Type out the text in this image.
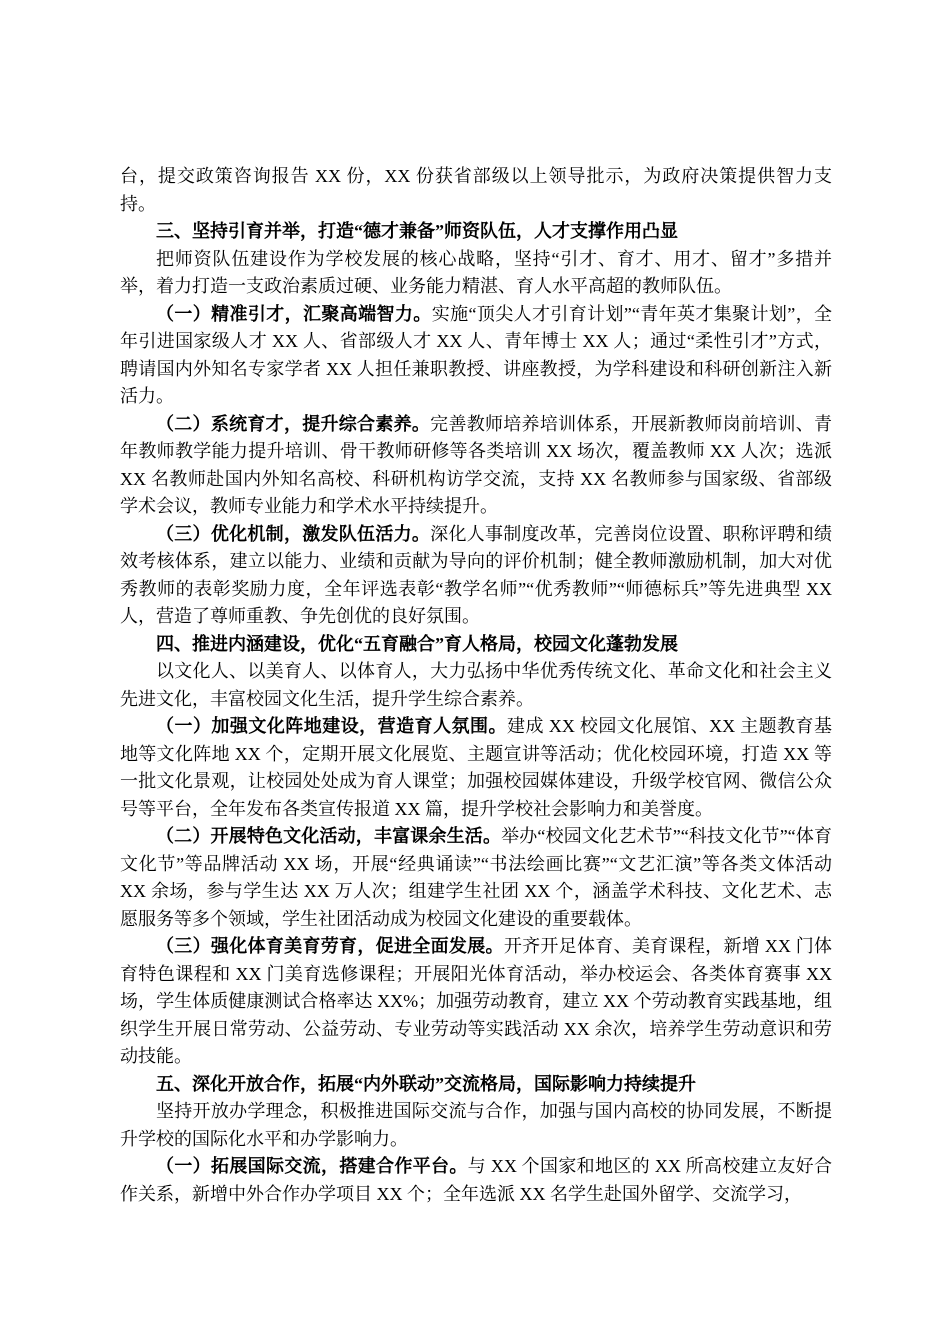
台，提交政策咨询报告 XX 份，XX 份获省部级以上领导批示，为政府决策提供智力支持。

三、坚持引育并举，打造“德才兼备”师资队伍，人才支撑作用凸显

把师资队伍建设作为学校发展的核心战略，坚持“引才、育才、用才、留才”多措并举，着力打造一支政治素质过硬、业务能力精湛、育人水平高超的教师队伍。

（一）精准引才，汇聚高端智力。实施“顶尖人才引育计划”“青年英才集聚计划”，全年引进国家级人才 XX 人、省部级人才 XX 人、青年博士 XX 人；通过“柔性引才”方式，聘请国内外知名专家学者 XX 人担任兼职教授、讲座教授，为学科建设和科研创新注入新活力。

（二）系统育才，提升综合素养。完善教师培养培训体系，开展新教师岗前培训、青年教师教学能力提升培训、骨干教师研修等各类培训 XX 场次，覆盖教师 XX 人次；选派 XX 名教师赴国内外知名高校、科研机构访学交流，支持 XX 名教师参与国家级、省部级学术会议，教师专业能力和学术水平持续提升。

（三）优化机制，激发队伍活力。深化人事制度改革，完善岗位设置、职称评聘和绩效考核体系，建立以能力、业绩和贡献为导向的评价机制；健全教师激励机制，加大对优秀教师的表彰奖励力度，全年评选表彰“教学名师”“优秀教师”“师德标兵”等先进典型 XX 人，营造了尊师重教、争先创优的良好氛围。

四、推进内涵建设，优化“五育融合”育人格局，校园文化蓬勃发展

以文化人、以美育人、以体育人，大力弘扬中华优秀传统文化、革命文化和社会主义先进文化，丰富校园文化生活，提升学生综合素养。

（一）加强文化阵地建设，营造育人氛围。建成 XX 校园文化展馆、XX 主题教育基地等文化阵地 XX 个，定期开展文化展览、主题宣讲等活动；优化校园环境，打造 XX 等一批文化景观，让校园处处成为育人课堂；加强校园媒体建设，升级学校官网、微信公众号等平台，全年发布各类宣传报道 XX 篇，提升学校社会影响力和美誉度。

（二）开展特色文化活动，丰富课余生活。举办“校园文化艺术节”“科技文化节”“体育文化节”等品牌活动 XX 场，开展“经典诵读”“书法绘画比赛”“文艺汇演”等各类文体活动 XX 余场，参与学生达 XX 万人次；组建学生社团 XX 个，涵盖学术科技、文化艺术、志愿服务等多个领域，学生社团活动成为校园文化建设的重要载体。

（三）强化体育美育劳育，促进全面发展。开齐开足体育、美育课程，新增 XX 门体育特色课程和 XX 门美育选修课程；开展阳光体育活动，举办校运会、各类体育赛事 XX 场，学生体质健康测试合格率达 XX%；加强劳动教育，建立 XX 个劳动教育实践基地，组织学生开展日常劳动、公益劳动、专业劳动等实践活动 XX 余次，培养学生劳动意识和劳动技能。

五、深化开放合作，拓展“内外联动”交流格局，国际影响力持续提升

坚持开放办学理念，积极推进国际交流与合作，加强与国内高校的协同发展，不断提升学校的国际化水平和办学影响力。

（一）拓展国际交流，搭建合作平台。与 XX 个国家和地区的 XX 所高校建立友好合作关系，新增中外合作办学项目 XX 个；全年选派 XX 名学生赴国外留学、交流学习，
